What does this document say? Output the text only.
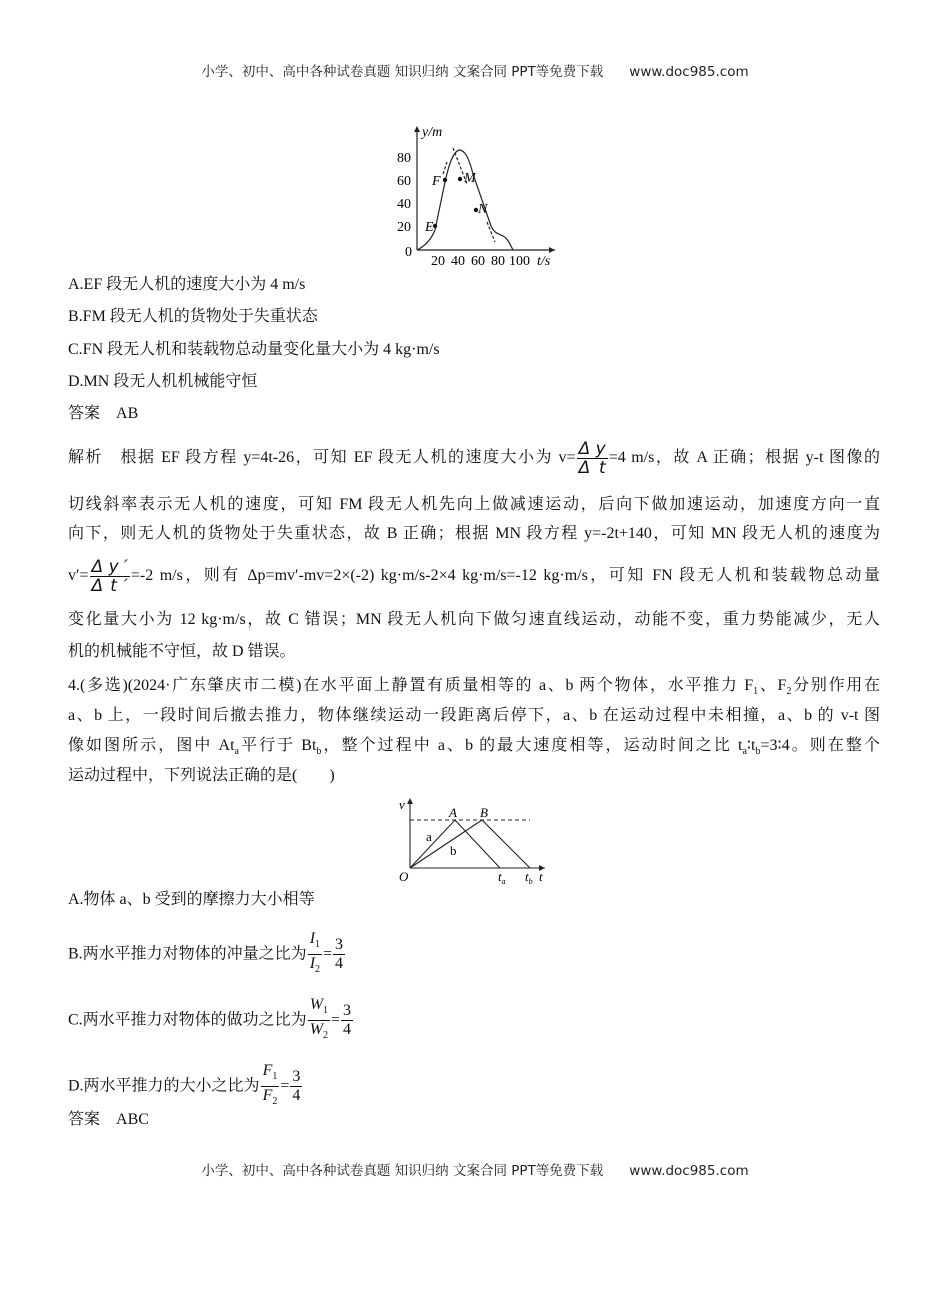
小学、初中、高中各种试卷真题 知识归纳 文案合同 PPT等免费下载 www.doc985.com
y/m
80
60
40
20
0
20 40 60 80 100 t/s
E
F M
N
A.EF 段无人机的速度大小为 4 m/s
B.FM 段无人机的货物处于失重状态
C.FN 段无人机和装载物总动量变化量大小为 4 kg·m/s
D.MN 段无人机机械能守恒
答案　 AB
解析　根据 EF 段方程 y=4t-26，可知 EF 段无人机的速度大小为 $v= \frac{\text{Δ y}}{\text{Δ t}} =4$ m/s，故 A 正确；根据 y-t 图像的
切线斜率表示无人机的速度，可知 FM 段无人机先向上做减速运动，后向下做加速运动，加速度方向一直
向下，则无人机的货物处于失重状态，故 B 正确；根据 MN 段方程 y=-2t+140，可知 MN 段无人机的速度为
$v'= \frac{\text{Δ y ′}}{\text{Δ t ′}} =-2$ m/s，则有 Δp=mv′-mv=2×(-2) kg·m/s-2×4 kg·m/s=-12 kg·m/s，可知 FN 段无人机和装载物总动量
变化量大小为 12 kg·m/s，故 C 错误；MN 段无人机向下做匀速直线运动，动能不变，重力势能减少，无人
机的机械能不守恒，故 D 错误。
4.(多选)(2024·广东肇庆市二模)在水平面上静置有质量相等的 a、b 两个物体，水平推力 $F_1$、$F_2$分别作用在
a、b 上，一段时间后撤去推力，物体继续运动一段距离后停下，a、b 在运动过程中未相撞，a、b 的 v-t 图
像如图所示，图中 $At_a$平行于 $Bt_b$，整个过程中 a、b 的最大速度相等，运动时间之比 $t_a∶t_b=3∶4$。则在整个
运动过程中，下列说法正确的是(　　)
v
O
A B
a
b
$t_a$ $t_b$ t
A.物体 a、b 受到的摩擦力大小相等
B.两水平推力对物体的冲量之比为 $\frac{I_1}{I_2} = \frac{3}{4}$
C.两水平推力对物体的做功之比为 $\frac{W_1}{W_2} = \frac{3}{4}$
D.两水平推力的大小之比为 $\frac{F_1}{F_2} = \frac{3}{4}$
答案　 ABC
小学、初中、高中各种试卷真题 知识归纳 文案合同 PPT等免费下载 www.doc985.com
